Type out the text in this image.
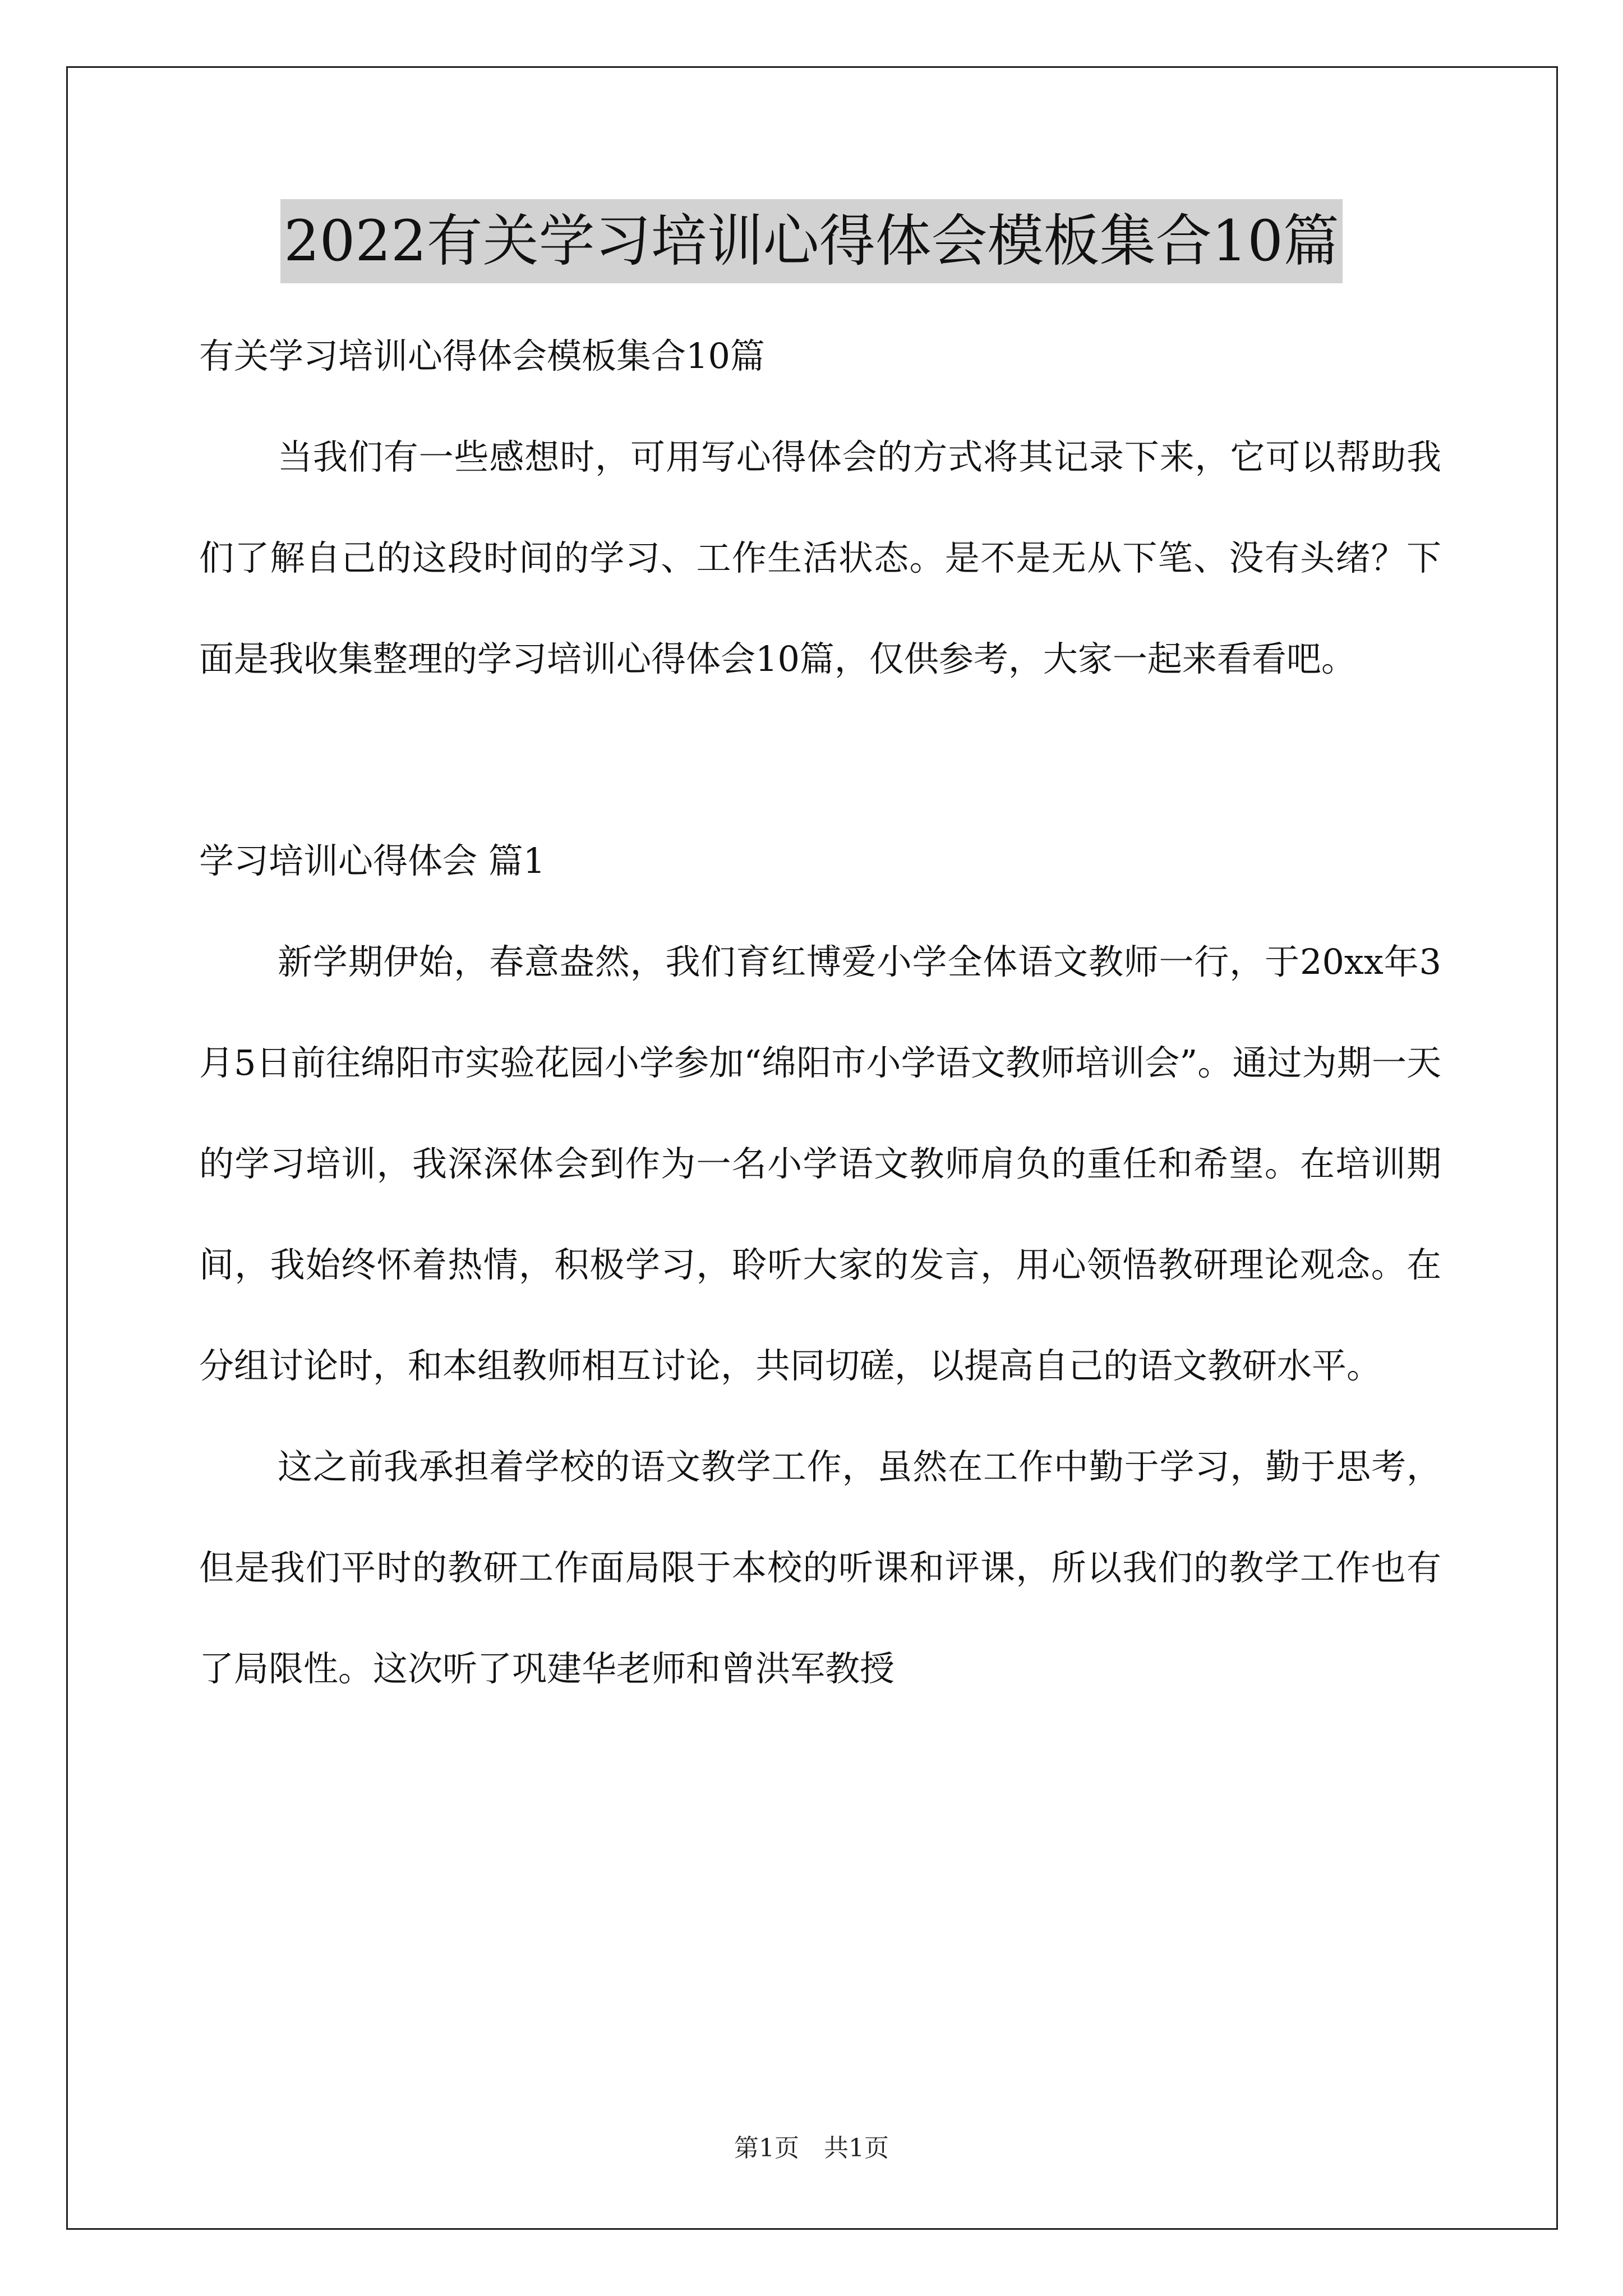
2022有关学习培训心得体会模板集合10篇

有关学习培训心得体会模板集合10篇

当我们有一些感想时，可用写心得体会的方式将其记录下来，它可以帮助我们了解自己的这段时间的学习、工作生活状态。是不是无从下笔、没有头绪？下面是我收集整理的学习培训心得体会10篇，仅供参考，大家一起来看看吧。

学习培训心得体会 篇1

新学期伊始，春意盎然，我们育红博爱小学全体语文教师一行，于20xx年3月5日前往绵阳市实验花园小学参加“绵阳市小学语文教师培训会”。通过为期一天的学习培训，我深深体会到作为一名小学语文教师肩负的重任和希望。在培训期间，我始终怀着热情，积极学习，聆听大家的发言，用心领悟教研理论观念。在分组讨论时，和本组教师相互讨论，共同切磋，以提高自己的语文教研水平。

这之前我承担着学校的语文教学工作，虽然在工作中勤于学习，勤于思考，但是我们平时的教研工作面局限于本校的听课和评课，所以我们的教学工作也有了局限性。这次听了巩建华老师和曾洪军教授

第1页　共1页
